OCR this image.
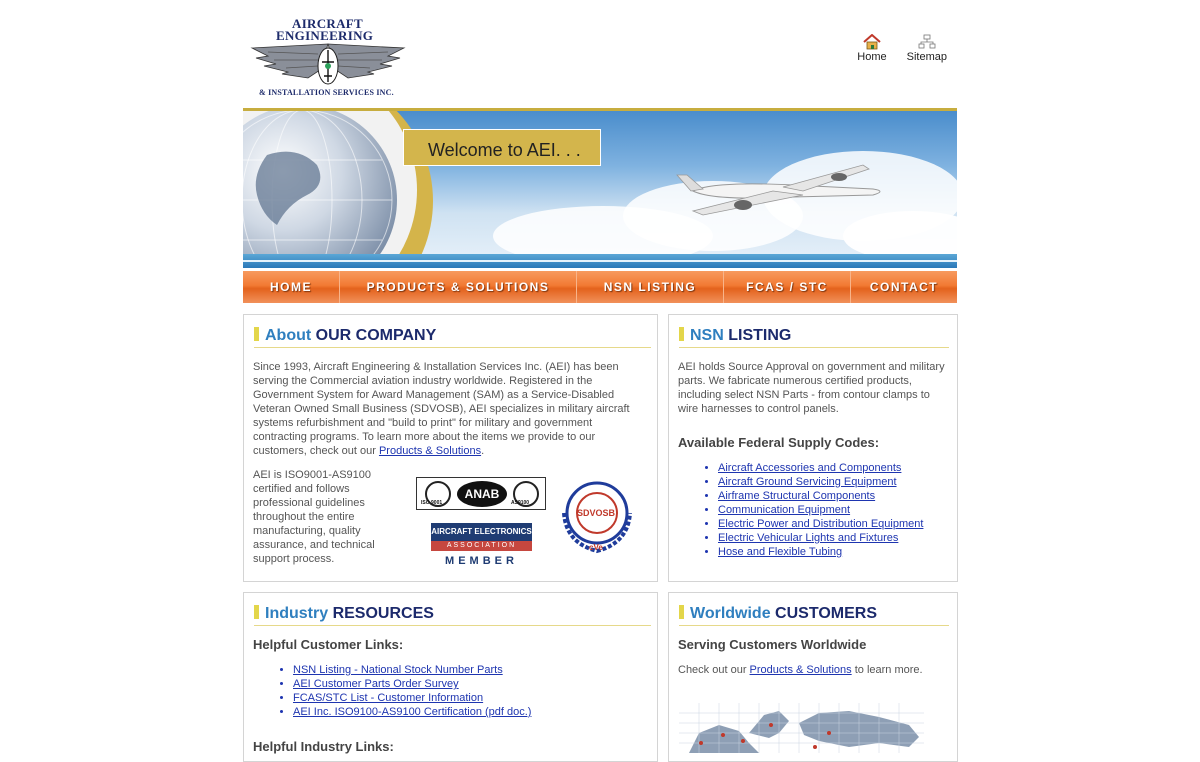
AIRCRAFT
ENGINEERING
& INSTALLATION SERVICES INC.
Home Sitemap
Welcome to AEI. . .
HOME	PRODUCTS & SOLUTIONS	NSN LISTING	FCAS / STC	CONTACT
About OUR COMPANY
Since 1993, Aircraft Engineering & Installation Services Inc. (AEI) has been serving the Commercial aviation industry worldwide. Registered in the Government System for Award Management (SAM) as a Service-Disabled Veteran Owned Small Business (SDVOSB), AEI specializes in military aircraft systems refurbishment and "build to print" for military and government contracting programs. To learn more about the items we provide to our customers, check out our Products & Solutions.
AEI is ISO9001-AS9100 certified and follows professional guidelines throughout the entire manufacturing, quality assurance, and technical support process.
ANAB
ISO 9001	AS9100
AIRCRAFT ELECTRONICS
ASSOCIATION
MEMBER
SDVOSB
cVe
NSN LISTING
AEI holds Source Approval on government and military parts. We fabricate numerous certified products, including select NSN Parts - from contour clamps to wire harnesses to control panels.
Available Federal Supply Codes:
• Aircraft Accessories and Components
• Aircraft Ground Servicing Equipment
• Airframe Structural Components
• Communication Equipment
• Electric Power and Distribution Equipment
• Electric Vehicular Lights and Fixtures
• Hose and Flexible Tubing
Industry RESOURCES
Helpful Customer Links:
• NSN Listing - National Stock Number Parts
• AEI Customer Parts Order Survey
• FCAS/STC List - Customer Information
• AEI Inc. ISO9100-AS9100 Certification (pdf doc.)
Helpful Industry Links:
Worldwide CUSTOMERS
Serving Customers Worldwide
Check out our Products & Solutions to learn more.
